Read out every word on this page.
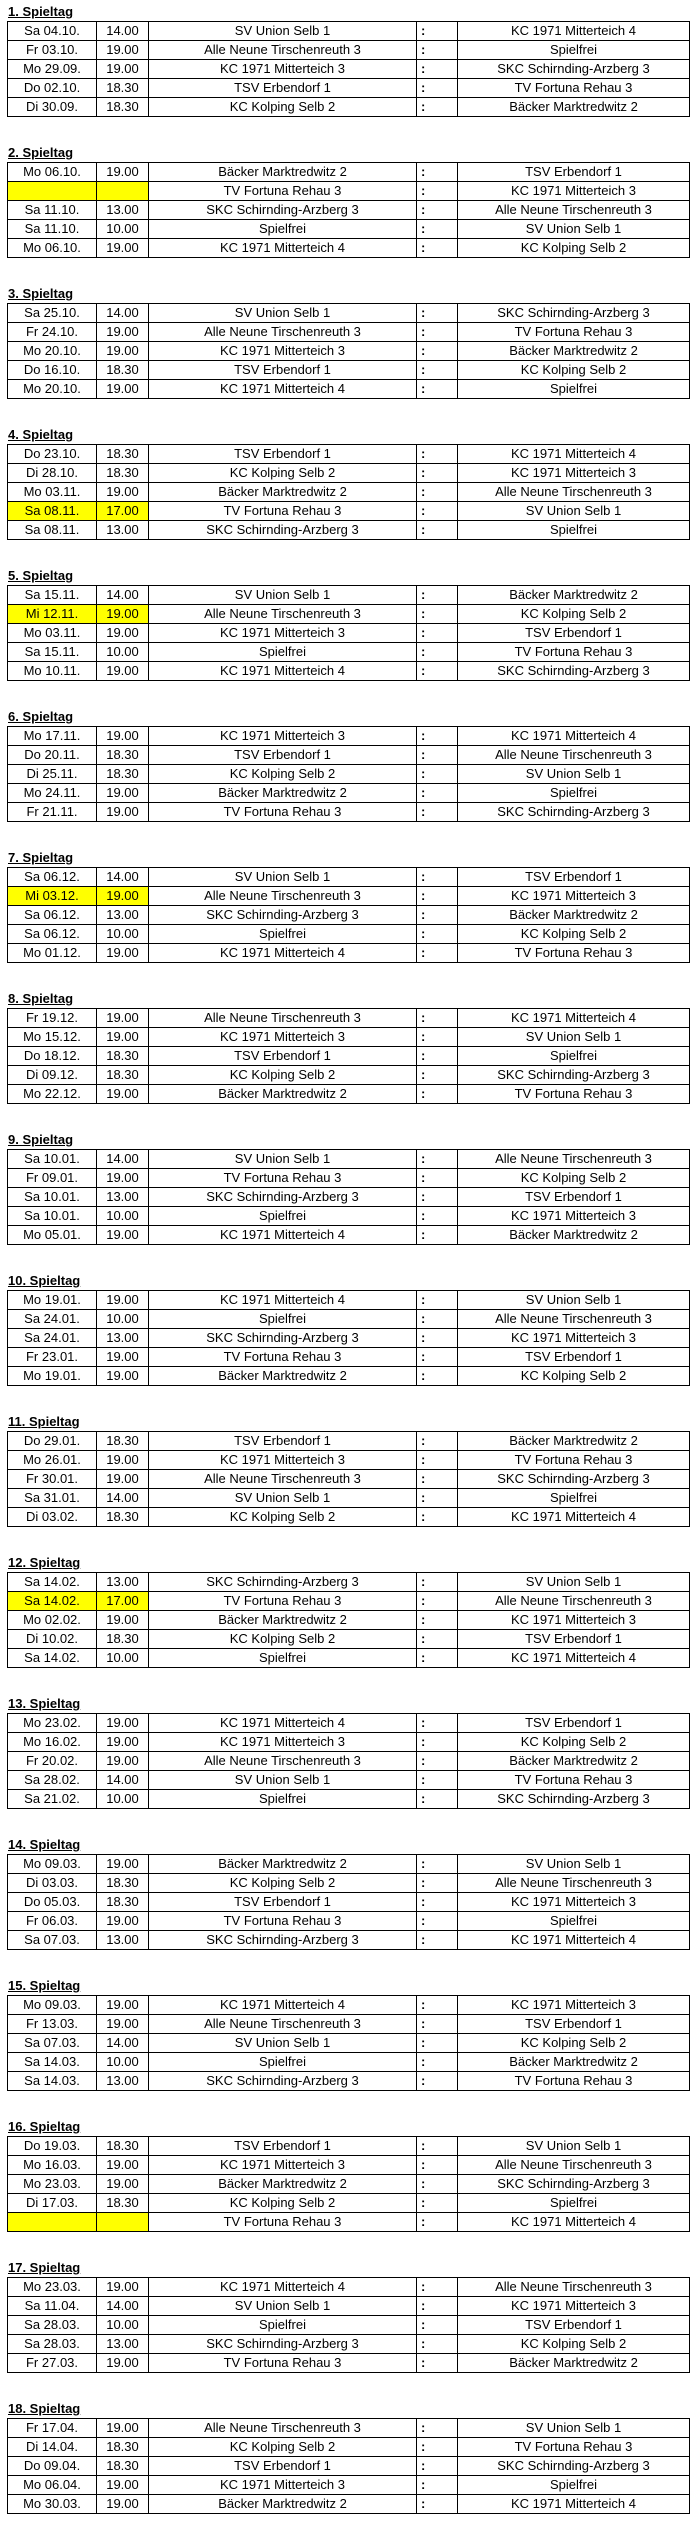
1. Spieltag
Sa 04.10.	14.00	SV Union Selb 1	:	KC 1971 Mitterteich 4
Fr 03.10.	19.00	Alle Neune Tirschenreuth 3	:	Spielfrei
Mo 29.09.	19.00	KC 1971 Mitterteich 3	:	SKC Schirnding-Arzberg 3
Do 02.10.	18.30	TSV Erbendorf 1	:	TV Fortuna Rehau 3
Di 30.09.	18.30	KC Kolping Selb 2	:	Bäcker Marktredwitz 2
2. Spieltag
Mo 06.10.	19.00	Bäcker Marktredwitz 2	:	TSV Erbendorf 1
		TV Fortuna Rehau 3	:	KC 1971 Mitterteich 3
Sa 11.10.	13.00	SKC Schirnding-Arzberg 3	:	Alle Neune Tirschenreuth 3
Sa 11.10.	10.00	Spielfrei	:	SV Union Selb 1
Mo 06.10.	19.00	KC 1971 Mitterteich 4	:	KC Kolping Selb 2
3. Spieltag
Sa 25.10.	14.00	SV Union Selb 1	:	SKC Schirnding-Arzberg 3
Fr 24.10.	19.00	Alle Neune Tirschenreuth 3	:	TV Fortuna Rehau 3
Mo 20.10.	19.00	KC 1971 Mitterteich 3	:	Bäcker Marktredwitz 2
Do 16.10.	18.30	TSV Erbendorf 1	:	KC Kolping Selb 2
Mo 20.10.	19.00	KC 1971 Mitterteich 4	:	Spielfrei
4. Spieltag
Do 23.10.	18.30	TSV Erbendorf 1	:	KC 1971 Mitterteich 4
Di 28.10.	18.30	KC Kolping Selb 2	:	KC 1971 Mitterteich 3
Mo 03.11.	19.00	Bäcker Marktredwitz 2	:	Alle Neune Tirschenreuth 3
Sa 08.11.	17.00	TV Fortuna Rehau 3	:	SV Union Selb 1
Sa 08.11.	13.00	SKC Schirnding-Arzberg 3	:	Spielfrei
5. Spieltag
Sa 15.11.	14.00	SV Union Selb 1	:	Bäcker Marktredwitz 2
Mi 12.11.	19.00	Alle Neune Tirschenreuth 3	:	KC Kolping Selb 2
Mo 03.11.	19.00	KC 1971 Mitterteich 3	:	TSV Erbendorf 1
Sa 15.11.	10.00	Spielfrei	:	TV Fortuna Rehau 3
Mo 10.11.	19.00	KC 1971 Mitterteich 4	:	SKC Schirnding-Arzberg 3
6. Spieltag
Mo 17.11.	19.00	KC 1971 Mitterteich 3	:	KC 1971 Mitterteich 4
Do 20.11.	18.30	TSV Erbendorf 1	:	Alle Neune Tirschenreuth 3
Di 25.11.	18.30	KC Kolping Selb 2	:	SV Union Selb 1
Mo 24.11.	19.00	Bäcker Marktredwitz 2	:	Spielfrei
Fr 21.11.	19.00	TV Fortuna Rehau 3	:	SKC Schirnding-Arzberg 3
7. Spieltag
Sa 06.12.	14.00	SV Union Selb 1	:	TSV Erbendorf 1
Mi 03.12.	19.00	Alle Neune Tirschenreuth 3	:	KC 1971 Mitterteich 3
Sa 06.12.	13.00	SKC Schirnding-Arzberg 3	:	Bäcker Marktredwitz 2
Sa 06.12.	10.00	Spielfrei	:	KC Kolping Selb 2
Mo 01.12.	19.00	KC 1971 Mitterteich 4	:	TV Fortuna Rehau 3
8. Spieltag
Fr 19.12.	19.00	Alle Neune Tirschenreuth 3	:	KC 1971 Mitterteich 4
Mo 15.12.	19.00	KC 1971 Mitterteich 3	:	SV Union Selb 1
Do 18.12.	18.30	TSV Erbendorf 1	:	Spielfrei
Di 09.12.	18.30	KC Kolping Selb 2	:	SKC Schirnding-Arzberg 3
Mo 22.12.	19.00	Bäcker Marktredwitz 2	:	TV Fortuna Rehau 3
9. Spieltag
Sa 10.01.	14.00	SV Union Selb 1	:	Alle Neune Tirschenreuth 3
Fr 09.01.	19.00	TV Fortuna Rehau 3	:	KC Kolping Selb 2
Sa 10.01.	13.00	SKC Schirnding-Arzberg 3	:	TSV Erbendorf 1
Sa 10.01.	10.00	Spielfrei	:	KC 1971 Mitterteich 3
Mo 05.01.	19.00	KC 1971 Mitterteich 4	:	Bäcker Marktredwitz 2
10. Spieltag
Mo 19.01.	19.00	KC 1971 Mitterteich 4	:	SV Union Selb 1
Sa 24.01.	10.00	Spielfrei	:	Alle Neune Tirschenreuth 3
Sa 24.01.	13.00	SKC Schirnding-Arzberg 3	:	KC 1971 Mitterteich 3
Fr 23.01.	19.00	TV Fortuna Rehau 3	:	TSV Erbendorf 1
Mo 19.01.	19.00	Bäcker Marktredwitz 2	:	KC Kolping Selb 2
11. Spieltag
Do 29.01.	18.30	TSV Erbendorf 1	:	Bäcker Marktredwitz 2
Mo 26.01.	19.00	KC 1971 Mitterteich 3	:	TV Fortuna Rehau 3
Fr 30.01.	19.00	Alle Neune Tirschenreuth 3	:	SKC Schirnding-Arzberg 3
Sa 31.01.	14.00	SV Union Selb 1	:	Spielfrei
Di 03.02.	18.30	KC Kolping Selb 2	:	KC 1971 Mitterteich 4
12. Spieltag
Sa 14.02.	13.00	SKC Schirnding-Arzberg 3	:	SV Union Selb 1
Sa 14.02.	17.00	TV Fortuna Rehau 3	:	Alle Neune Tirschenreuth 3
Mo 02.02.	19.00	Bäcker Marktredwitz 2	:	KC 1971 Mitterteich 3
Di 10.02.	18.30	KC Kolping Selb 2	:	TSV Erbendorf 1
Sa 14.02.	10.00	Spielfrei	:	KC 1971 Mitterteich 4
13. Spieltag
Mo 23.02.	19.00	KC 1971 Mitterteich 4	:	TSV Erbendorf 1
Mo 16.02.	19.00	KC 1971 Mitterteich 3	:	KC Kolping Selb 2
Fr 20.02.	19.00	Alle Neune Tirschenreuth 3	:	Bäcker Marktredwitz 2
Sa 28.02.	14.00	SV Union Selb 1	:	TV Fortuna Rehau 3
Sa 21.02.	10.00	Spielfrei	:	SKC Schirnding-Arzberg 3
14. Spieltag
Mo 09.03.	19.00	Bäcker Marktredwitz 2	:	SV Union Selb 1
Di 03.03.	18.30	KC Kolping Selb 2	:	Alle Neune Tirschenreuth 3
Do 05.03.	18.30	TSV Erbendorf 1	:	KC 1971 Mitterteich 3
Fr 06.03.	19.00	TV Fortuna Rehau 3	:	Spielfrei
Sa 07.03.	13.00	SKC Schirnding-Arzberg 3	:	KC 1971 Mitterteich 4
15. Spieltag
Mo 09.03.	19.00	KC 1971 Mitterteich 4	:	KC 1971 Mitterteich 3
Fr 13.03.	19.00	Alle Neune Tirschenreuth 3	:	TSV Erbendorf 1
Sa 07.03.	14.00	SV Union Selb 1	:	KC Kolping Selb 2
Sa 14.03.	10.00	Spielfrei	:	Bäcker Marktredwitz 2
Sa 14.03.	13.00	SKC Schirnding-Arzberg 3	:	TV Fortuna Rehau 3
16. Spieltag
Do 19.03.	18.30	TSV Erbendorf 1	:	SV Union Selb 1
Mo 16.03.	19.00	KC 1971 Mitterteich 3	:	Alle Neune Tirschenreuth 3
Mo 23.03.	19.00	Bäcker Marktredwitz 2	:	SKC Schirnding-Arzberg 3
Di 17.03.	18.30	KC Kolping Selb 2	:	Spielfrei
		TV Fortuna Rehau 3	:	KC 1971 Mitterteich 4
17. Spieltag
Mo 23.03.	19.00	KC 1971 Mitterteich 4	:	Alle Neune Tirschenreuth 3
Sa 11.04.	14.00	SV Union Selb 1	:	KC 1971 Mitterteich 3
Sa 28.03.	10.00	Spielfrei	:	TSV Erbendorf 1
Sa 28.03.	13.00	SKC Schirnding-Arzberg 3	:	KC Kolping Selb 2
Fr 27.03.	19.00	TV Fortuna Rehau 3	:	Bäcker Marktredwitz 2
18. Spieltag
Fr 17.04.	19.00	Alle Neune Tirschenreuth 3	:	SV Union Selb 1
Di 14.04.	18.30	KC Kolping Selb 2	:	TV Fortuna Rehau 3
Do 09.04.	18.30	TSV Erbendorf 1	:	SKC Schirnding-Arzberg 3
Mo 06.04.	19.00	KC 1971 Mitterteich 3	:	Spielfrei
Mo 30.03.	19.00	Bäcker Marktredwitz 2	:	KC 1971 Mitterteich 4
